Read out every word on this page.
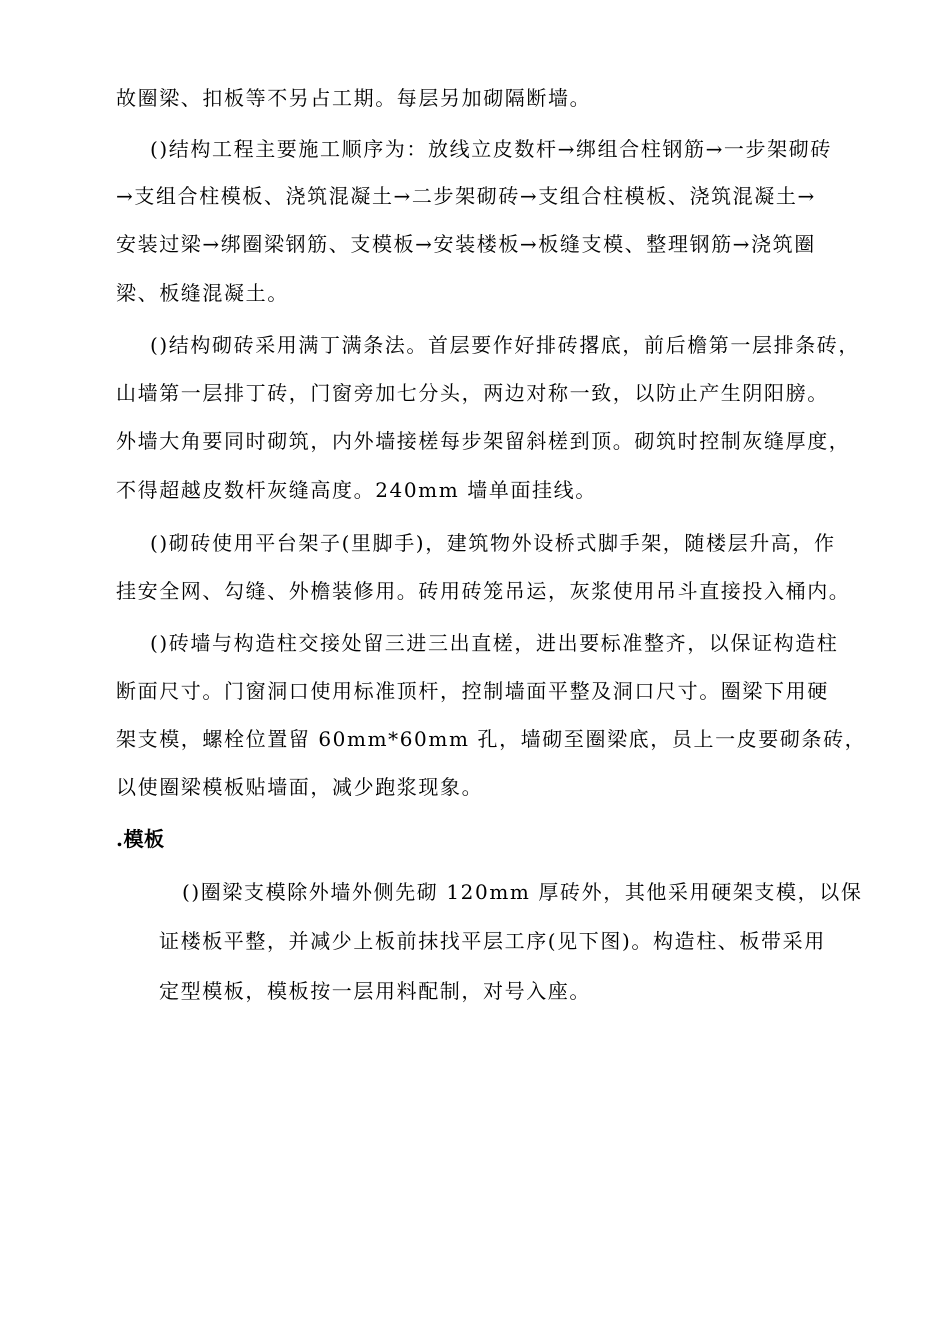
故圈梁、扣板等不另占工期。每层另加砌隔断墙。
()结构工程主要施工顺序为：放线立皮数杆→绑组合柱钢筋→一步架砌砖
→支组合柱模板、浇筑混凝土→二步架砌砖→支组合柱模板、浇筑混凝土→
安装过梁→绑圈梁钢筋、支模板→安装楼板→板缝支模、整理钢筋→浇筑圈
梁、板缝混凝土。
()结构砌砖采用满丁满条法。首层要作好排砖撂底，前后檐第一层排条砖，
山墙第一层排丁砖，门窗旁加七分头，两边对称一致，以防止产生阴阳膀。
外墙大角要同时砌筑，内外墙接槎每步架留斜槎到顶。砌筑时控制灰缝厚度，
不得超越皮数杆灰缝高度。240mm 墙单面挂线。
()砌砖使用平台架子(里脚手)，建筑物外设桥式脚手架，随楼层升高，作
挂安全网、勾缝、外檐装修用。砖用砖笼吊运，灰浆使用吊斗直接投入桶内。
()砖墙与构造柱交接处留三进三出直槎，进出要标准整齐，以保证构造柱
断面尺寸。门窗洞口使用标准顶杆，控制墙面平整及洞口尺寸。圈梁下用硬
架支模，螺栓位置留 60mm*60mm 孔，墙砌至圈梁底，员上一皮要砌条砖，
以使圈梁模板贴墙面，减少跑浆现象。
.模板
()圈梁支模除外墙外侧先砌 120mm 厚砖外，其他采用硬架支模，以保
证楼板平整，并减少上板前抹找平层工序(见下图)。构造柱、板带采用
定型模板，模板按一层用料配制，对号入座。
